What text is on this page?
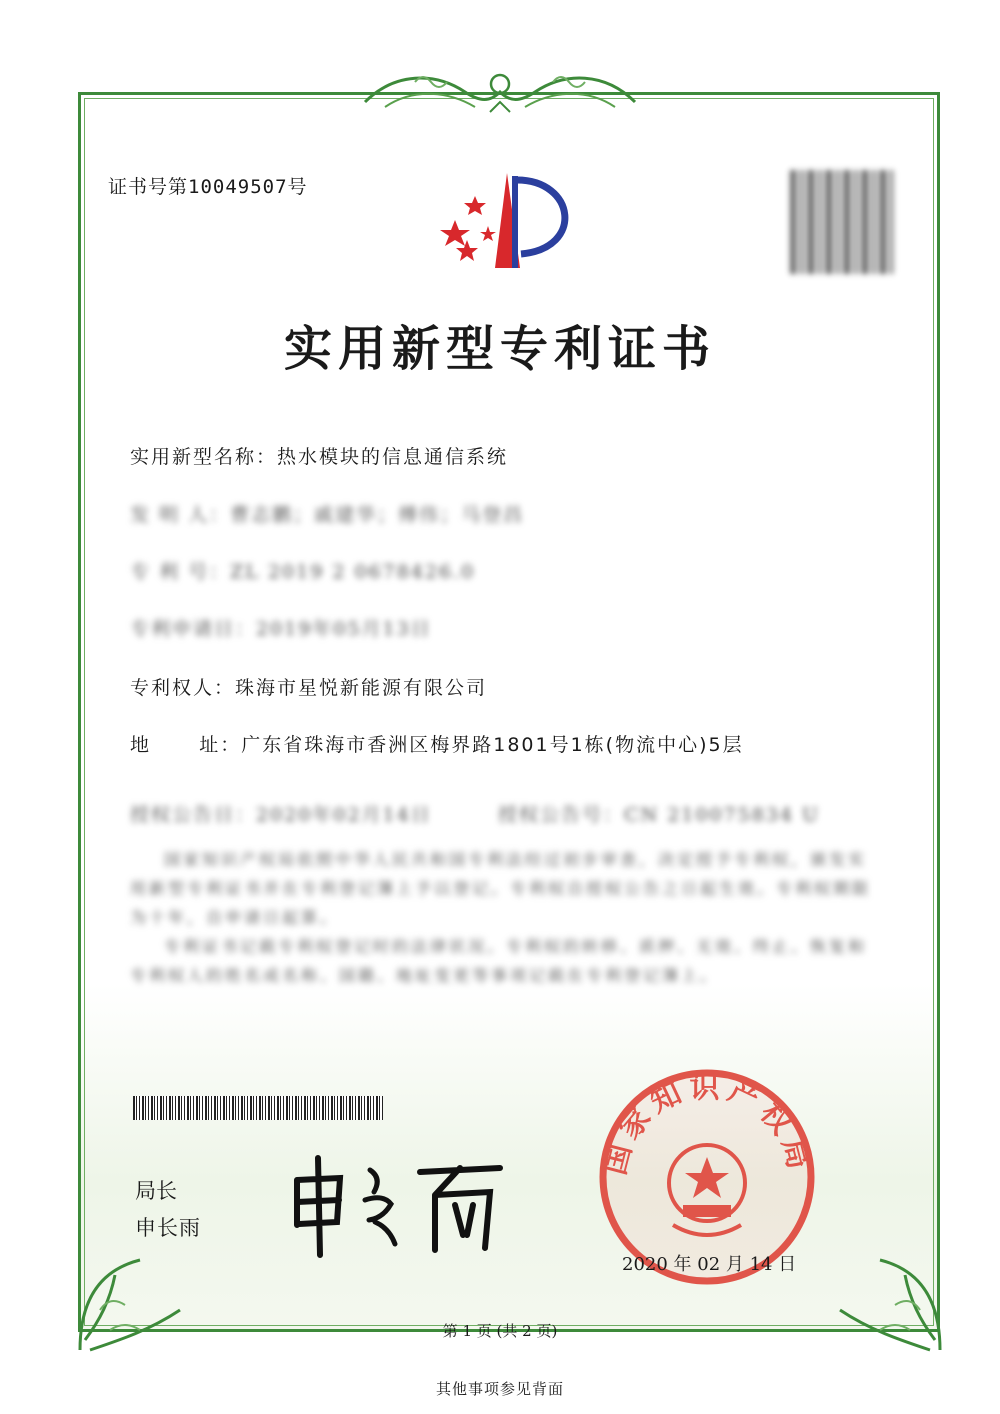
证书号第10049507号
实用新型专利证书
实用新型名称：热水模块的信息通信系统
发 明 人：曹志鹏；戚建华；傅伟；马登昌
专 利 号：ZL 2019 2 0678426.0
专利申请日：2019年05月13日
专利权人：珠海市星悦新能源有限公司
地      址：广东省珠海市香洲区梅界路1801号1栋(物流中心)5层
授权公告日：2020年02月14日	授权公告号：CN 210075834 U
国家知识产权局依照中华人民共和国专利法经过初步审查，决定授予专利权，颁发实用新型专利证书并在专利登记簿上予以登记。专利权自授权公告之日起生效。专利权期限为十年，自申请日起算。
专利证书记载专利权登记时的法律状况。专利权的转移、质押、无效、终止、恢复和专利权人的姓名或名称、国籍、地址变更等事项记载在专利登记簿上。
局长
申长雨
国家知识产权局
2020 年 02 月 14 日
第 1 页 (共 2 页)
其他事项参见背面
